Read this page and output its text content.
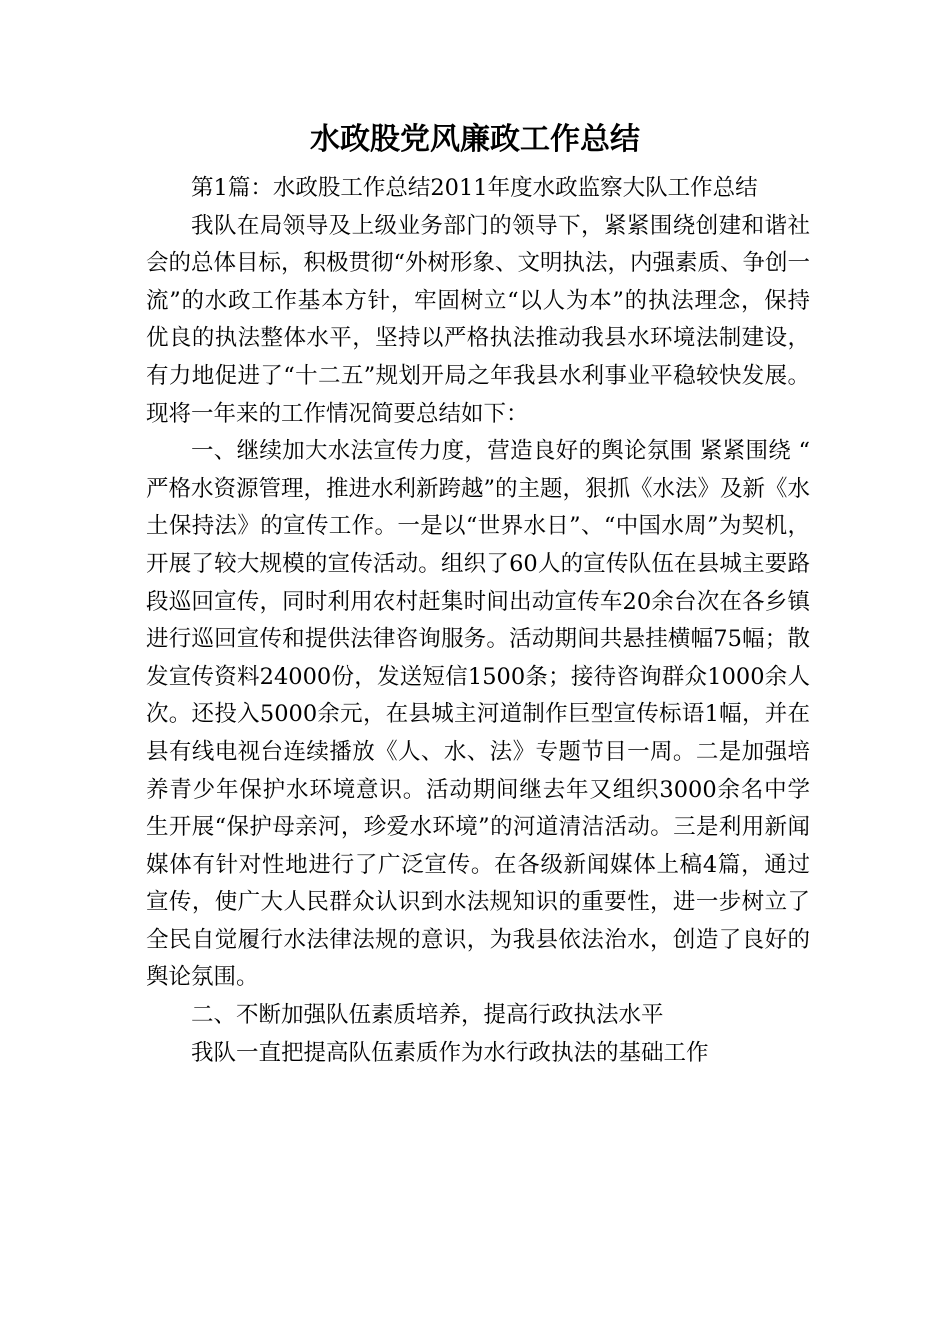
水政股党风廉政工作总结

第1篇：水政股工作总结2011年度水政监察大队工作总结

我队在局领导及上级业务部门的领导下，紧紧围绕创建和谐社会的总体目标，积极贯彻“外树形象、文明执法，内强素质、争创一流”的水政工作基本方针，牢固树立“以人为本”的执法理念，保持优良的执法整体水平，坚持以严格执法推动我县水环境法制建设，有力地促进了“十二五”规划开局之年我县水利事业平稳较快发展。现将一年来的工作情况简要总结如下：

一、继续加大水法宣传力度，营造良好的舆论氛围 紧紧围绕 “ 严格水资源管理，推进水利新跨越”的主题，狠抓《水法》及新《水土保持法》的宣传工作。一是以“世界水日”、“中国水周”为契机，开展了较大规模的宣传活动。组织了60人的宣传队伍在县城主要路段巡回宣传，同时利用农村赶集时间出动宣传车20余台次在各乡镇进行巡回宣传和提供法律咨询服务。活动期间共悬挂横幅75幅；散发宣传资料24000份，发送短信1500条；接待咨询群众1000余人次。还投入5000余元，在县城主河道制作巨型宣传标语1幅，并在县有线电视台连续播放《人、水、法》专题节目一周。二是加强培养青少年保护水环境意识。活动期间继去年又组织3000余名中学生开展“保护母亲河，珍爱水环境”的河道清洁活动。三是利用新闻媒体有针对性地进行了广泛宣传。在各级新闻媒体上稿4篇，通过宣传，使广大人民群众认识到水法规知识的重要性，进一步树立了全民自觉履行水法律法规的意识，为我县依法治水，创造了良好的舆论氛围。

二、不断加强队伍素质培养，提高行政执法水平

我队一直把提高队伍素质作为水行政执法的基础工作
